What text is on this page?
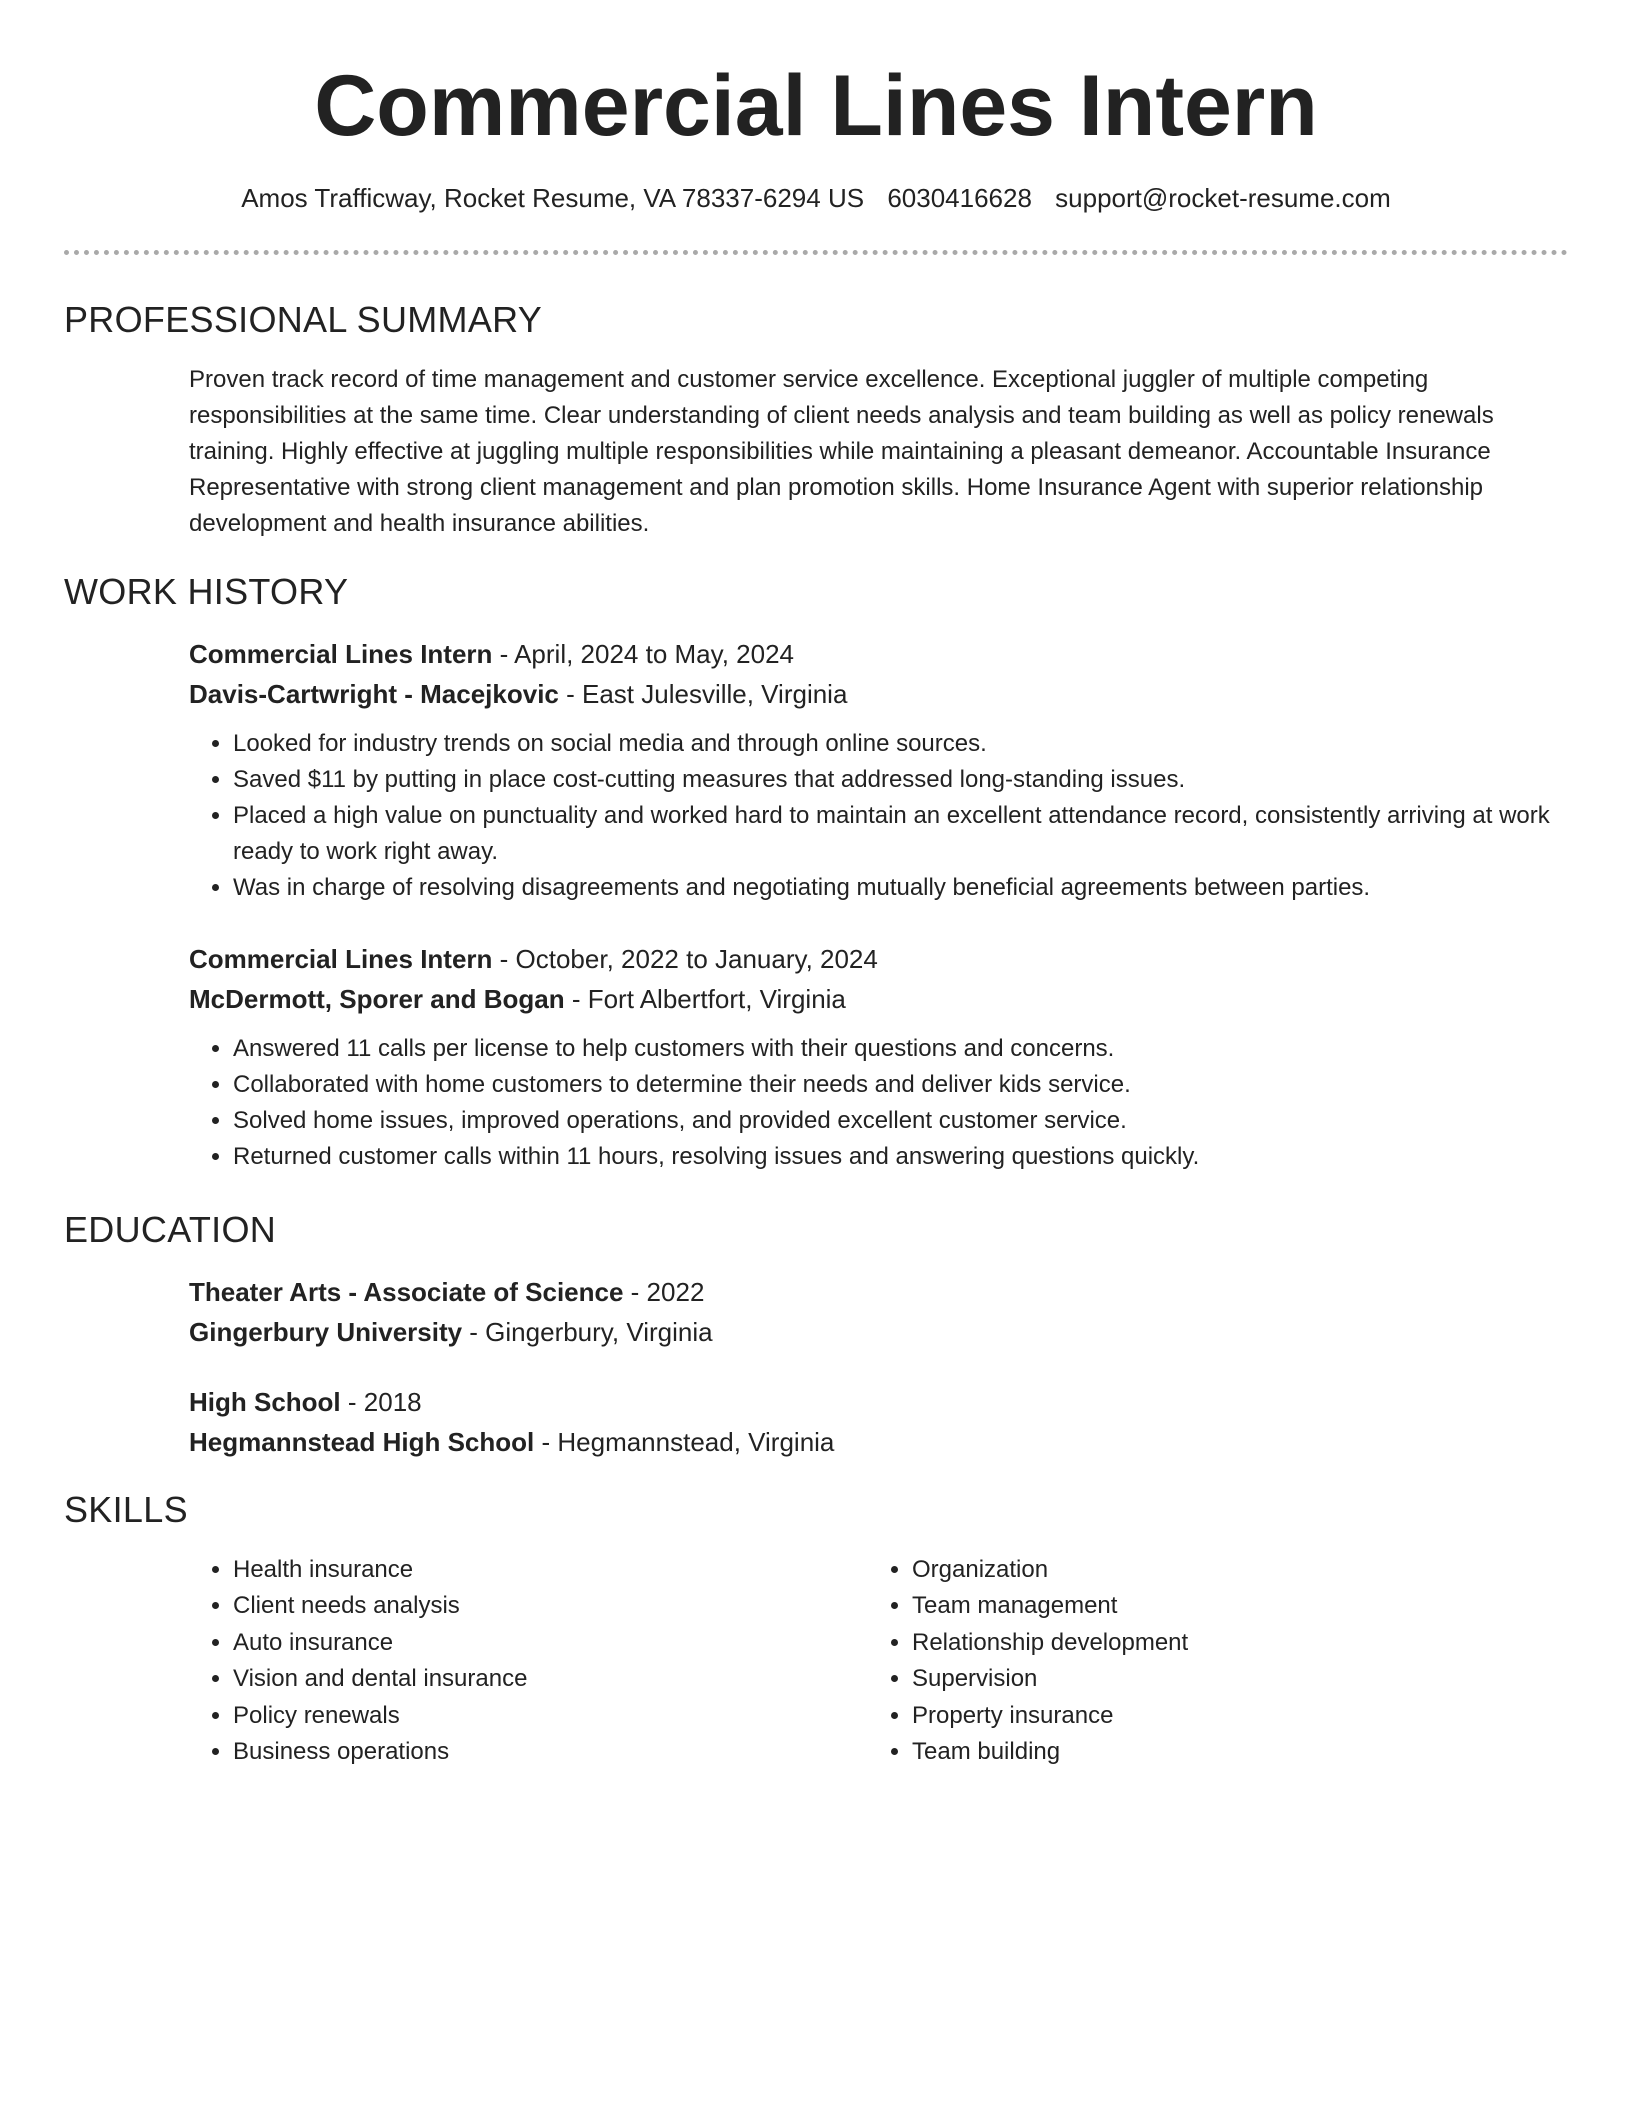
Commercial Lines Intern
Amos Trafficway, Rocket Resume, VA 78337-6294 US 6030416628 support@rocket-resume.com
PROFESSIONAL SUMMARY

Proven track record of time management and customer service excellence. Exceptional juggler of multiple competing responsibilities at the same time. Clear understanding of client needs analysis and team building as well as policy renewals training. Highly effective at juggling multiple responsibilities while maintaining a pleasant demeanor. Accountable Insurance Representative with strong client management and plan promotion skills. Home Insurance Agent with superior relationship development and health insurance abilities.

WORK HISTORY

Commercial Lines Intern - April, 2024 to May, 2024

Davis-Cartwright - Macejkovic - East Julesville, Virginia

• Looked for industry trends on social media and through online sources.
• Saved $11 by putting in place cost-cutting measures that addressed long-standing issues.
• Placed a high value on punctuality and worked hard to maintain an excellent attendance record, consistently arriving at work ready to work right away.
• Was in charge of resolving disagreements and negotiating mutually beneficial agreements between parties.

Commercial Lines Intern - October, 2022 to January, 2024

McDermott, Sporer and Bogan - Fort Albertfort, Virginia

• Answered 11 calls per license to help customers with their questions and concerns.
• Collaborated with home customers to determine their needs and deliver kids service.
• Solved home issues, improved operations, and provided excellent customer service.
• Returned customer calls within 11 hours, resolving issues and answering questions quickly.
EDUCATION

Theater Arts - Associate of Science - 2022

Gingerbury University - Gingerbury, Virginia

High School - 2018

Hegmannstead High School - Hegmannstead, Virginia

SKILLS
• Health insurance
• Client needs analysis
• Auto insurance
• Vision and dental insurance
• Policy renewals
• Business operations
• Organization
• Team management
• Relationship development
• Supervision
• Property insurance
• Team building
